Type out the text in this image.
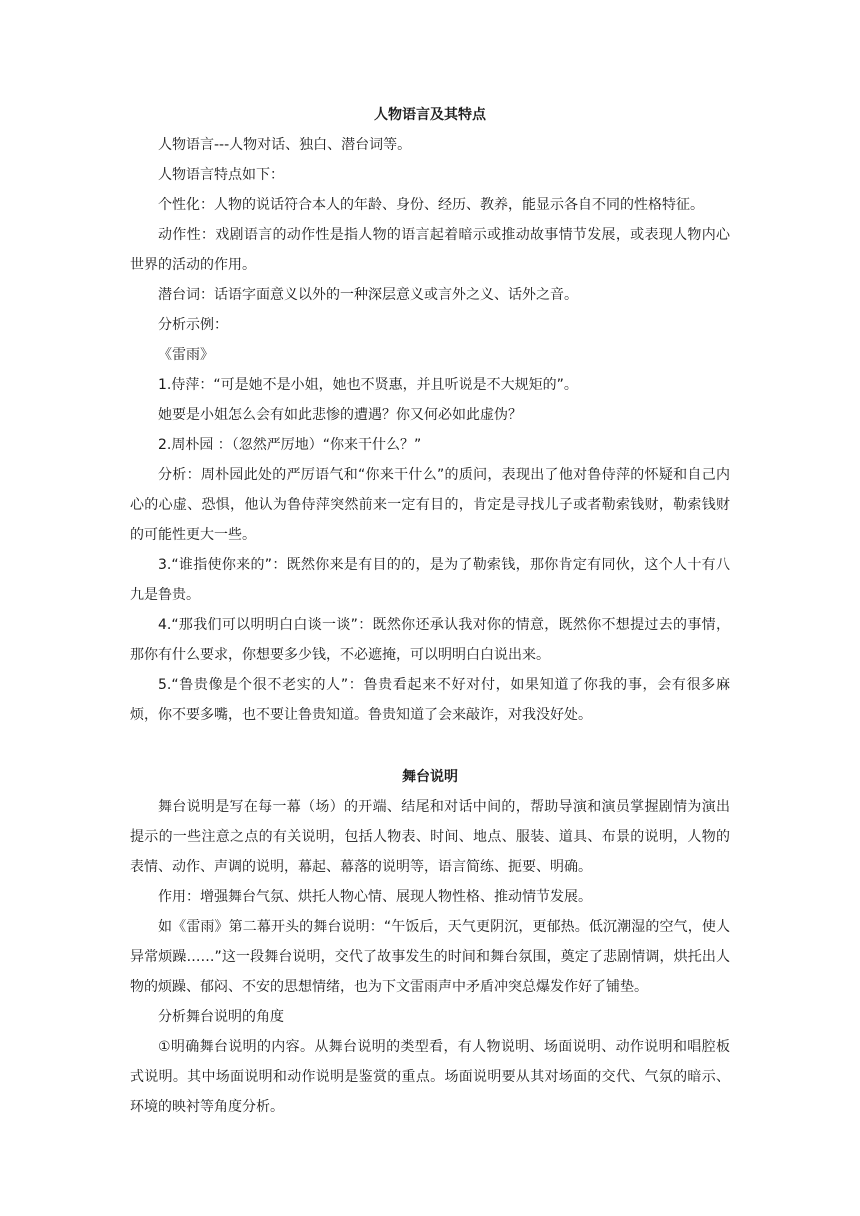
人物语言及其特点

人物语言---人物对话、独白、潜台词等。

人物语言特点如下：

个性化：人物的说话符合本人的年龄、身份、经历、教养，能显示各自不同的性格特征。

动作性：戏剧语言的动作性是指人物的语言起着暗示或推动故事情节发展，或表现人物内心世界的活动的作用。

潜台词：话语字面意义以外的一种深层意义或言外之义、话外之音。

分析示例：

《雷雨》

1.侍萍：“可是她不是小姐，她也不贤惠，并且听说是不大规矩的”。

她要是小姐怎么会有如此悲惨的遭遇？你又何必如此虚伪？

2.周朴园 ：（忽然严厉地）“你来干什么？”

分析：周朴园此处的严厉语气和“你来干什么”的质问，表现出了他对鲁侍萍的怀疑和自己内心的心虚、恐惧，他认为鲁侍萍突然前来一定有目的，肯定是寻找儿子或者勒索钱财，勒索钱财的可能性更大一些。

3.“谁指使你来的”：既然你来是有目的的，是为了勒索钱，那你肯定有同伙，这个人十有八九是鲁贵。

4.“那我们可以明明白白谈一谈”：既然你还承认我对你的情意，既然你不想提过去的事情，那你有什么要求，你想要多少钱，不必遮掩，可以明明白白说出来。

5.“鲁贵像是个很不老实的人”：鲁贵看起来不好对付，如果知道了你我的事，会有很多麻烦，你不要多嘴，也不要让鲁贵知道。鲁贵知道了会来敲诈，对我没好处。

舞台说明

舞台说明是写在每一幕（场）的开端、结尾和对话中间的，帮助导演和演员掌握剧情为演出提示的一些注意之点的有关说明，包括人物表、时间、地点、服装、道具、布景的说明，人物的表情、动作、声调的说明，幕起、幕落的说明等，语言简练、扼要、明确。

作用：增强舞台气氛、烘托人物心情、展现人物性格、推动情节发展。

如《雷雨》第二幕开头的舞台说明：“午饭后，天气更阴沉，更郁热。低沉潮湿的空气，使人异常烦躁……”这一段舞台说明，交代了故事发生的时间和舞台氛围，奠定了悲剧情调，烘托出人物的烦躁、郁闷、不安的思想情绪，也为下文雷雨声中矛盾冲突总爆发作好了铺垫。

分析舞台说明的角度

①明确舞台说明的内容。从舞台说明的类型看，有人物说明、场面说明、动作说明和唱腔板式说明。其中场面说明和动作说明是鉴赏的重点。场面说明要从其对场面的交代、气氛的暗示、环境的映衬等角度分析。
